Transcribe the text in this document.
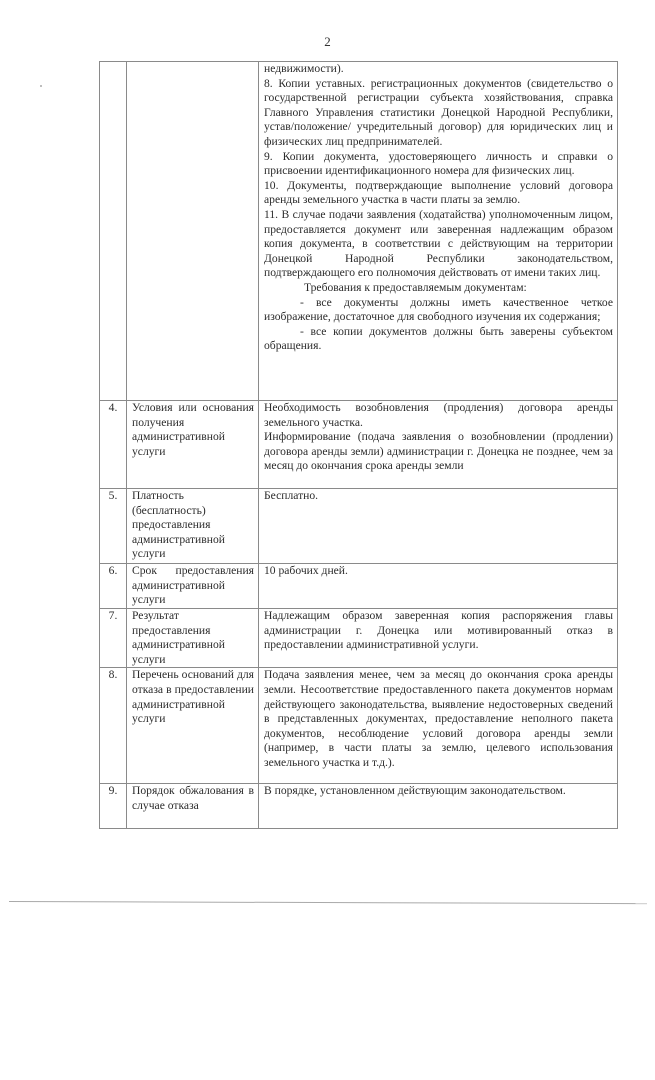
2

недвижимости).

8. Копии уставных. регистрационных документов (свидетельство о государственной регистрации субъекта хозяйствования, справка Главного Управления статистики Донецкой Народной Республики, устав/положение/ учредительный договор) для юридических лиц и физических лиц предпринимателей.

9. Копии документа, удостоверяющего личность и справки о присвоении идентификационного номера для физических лиц.

10. Документы, подтверждающие выполнение условий договора аренды земельного участка в части платы за землю.

11. В случае подачи заявления (ходатайства) уполномоченным лицом, предоставляется документ или заверенная надлежащим образом копия документа, в соответствии с действующим на территории Донецкой Народной Республики законодательством, подтверждающего его полномочия действовать от имени таких лиц.

Требования к предоставляемым документам:

- все документы должны иметь качественное четкое изображение, достаточное для свободного изучения их содержания;

- все копии документов должны быть заверены субъектом обращения.

4.	Условия или основания получения административной услуги	Необходимость возобновления (продления) договора аренды земельного участка.

Информирование (подача заявления о возобновлении (продлении) договора аренды земли) администрации г. Донецка не позднее, чем за месяц до окончания срока аренды земли

5.	Платность (бесплатность) предоставления административной услуги	Бесплатно.

6.	Срок предоставления административной услуги	10 рабочих дней.

7.	Результат предоставления административной услуги	Надлежащим образом заверенная копия распоряжения главы администрации г. Донецка или мотивированный отказ в предоставлении административной услуги.

8.	Перечень оснований для отказа в предоставлении административной услуги	Подача заявления менее, чем за месяц до окончания срока аренды земли. Несоответствие предоставленного пакета документов нормам действующего законодательства, выявление недостоверных сведений в представленных документах, предоставление неполного пакета документов, несоблюдение условий договора аренды земли (например, в части платы за землю, целевого использования земельного участка и т.д.).

9.	Порядок обжалования в случае отказа	В порядке, установленном действующим законодательством.
